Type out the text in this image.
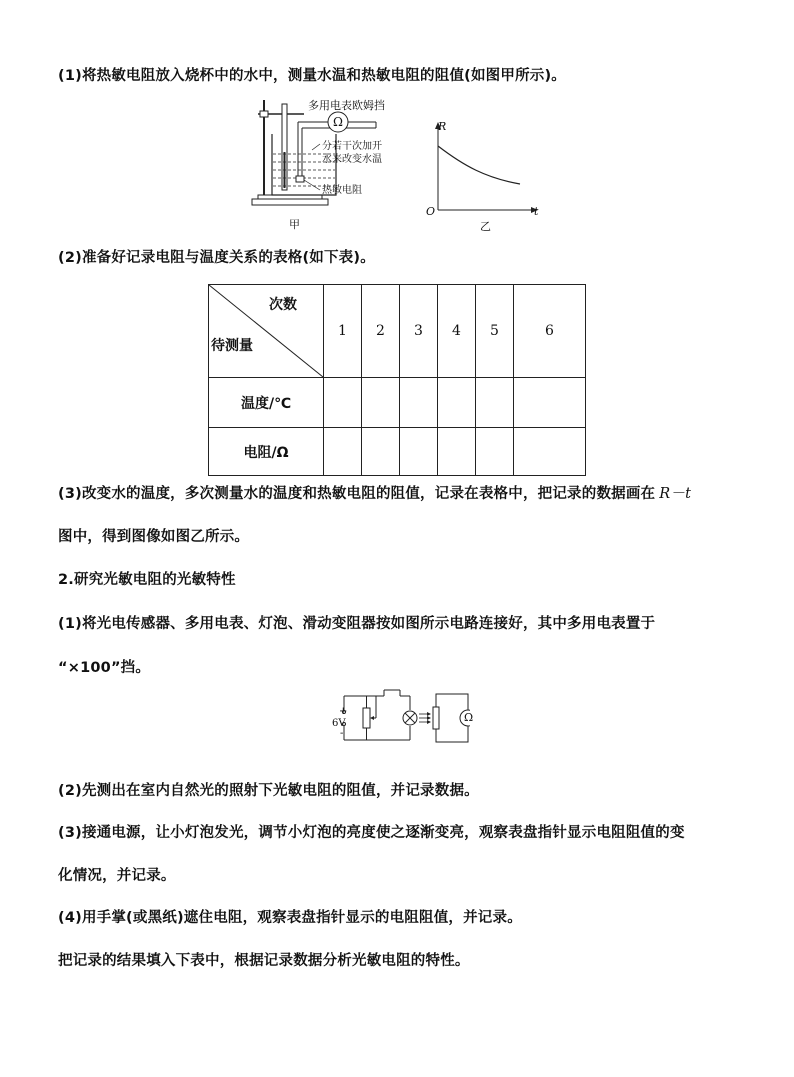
(1)将热敏电阻放入烧杯中的水中，测量水温和热敏电阻的阻值(如图甲所示)。
多用电表欧姆挡
Ω
分若干次加开
水来改变水温
热敏电阻
甲
R
t
O
乙
(2)准备好记录电阻与温度关系的表格(如下表)。
次数
待测量	1	2	3	4	5	6
温度/℃						
电阻/Ω						
(3)改变水的温度，多次测量水的温度和热敏电阻的阻值，记录在表格中，把记录的数据画在 R－t
图中，得到图像如图乙所示。
2.研究光敏电阻的光敏特性
(1)将光电传感器、多用电表、灯泡、滑动变阻器按如图所示电路连接好，其中多用电表置于
“×100”挡。
6V
+
-
Ω
(2)先测出在室内自然光的照射下光敏电阻的阻值，并记录数据。
(3)接通电源，让小灯泡发光，调节小灯泡的亮度使之逐渐变亮，观察表盘指针显示电阻阻值的变
化情况，并记录。
(4)用手掌(或黑纸)遮住电阻，观察表盘指针显示的电阻阻值，并记录。
把记录的结果填入下表中，根据记录数据分析光敏电阻的特性。
